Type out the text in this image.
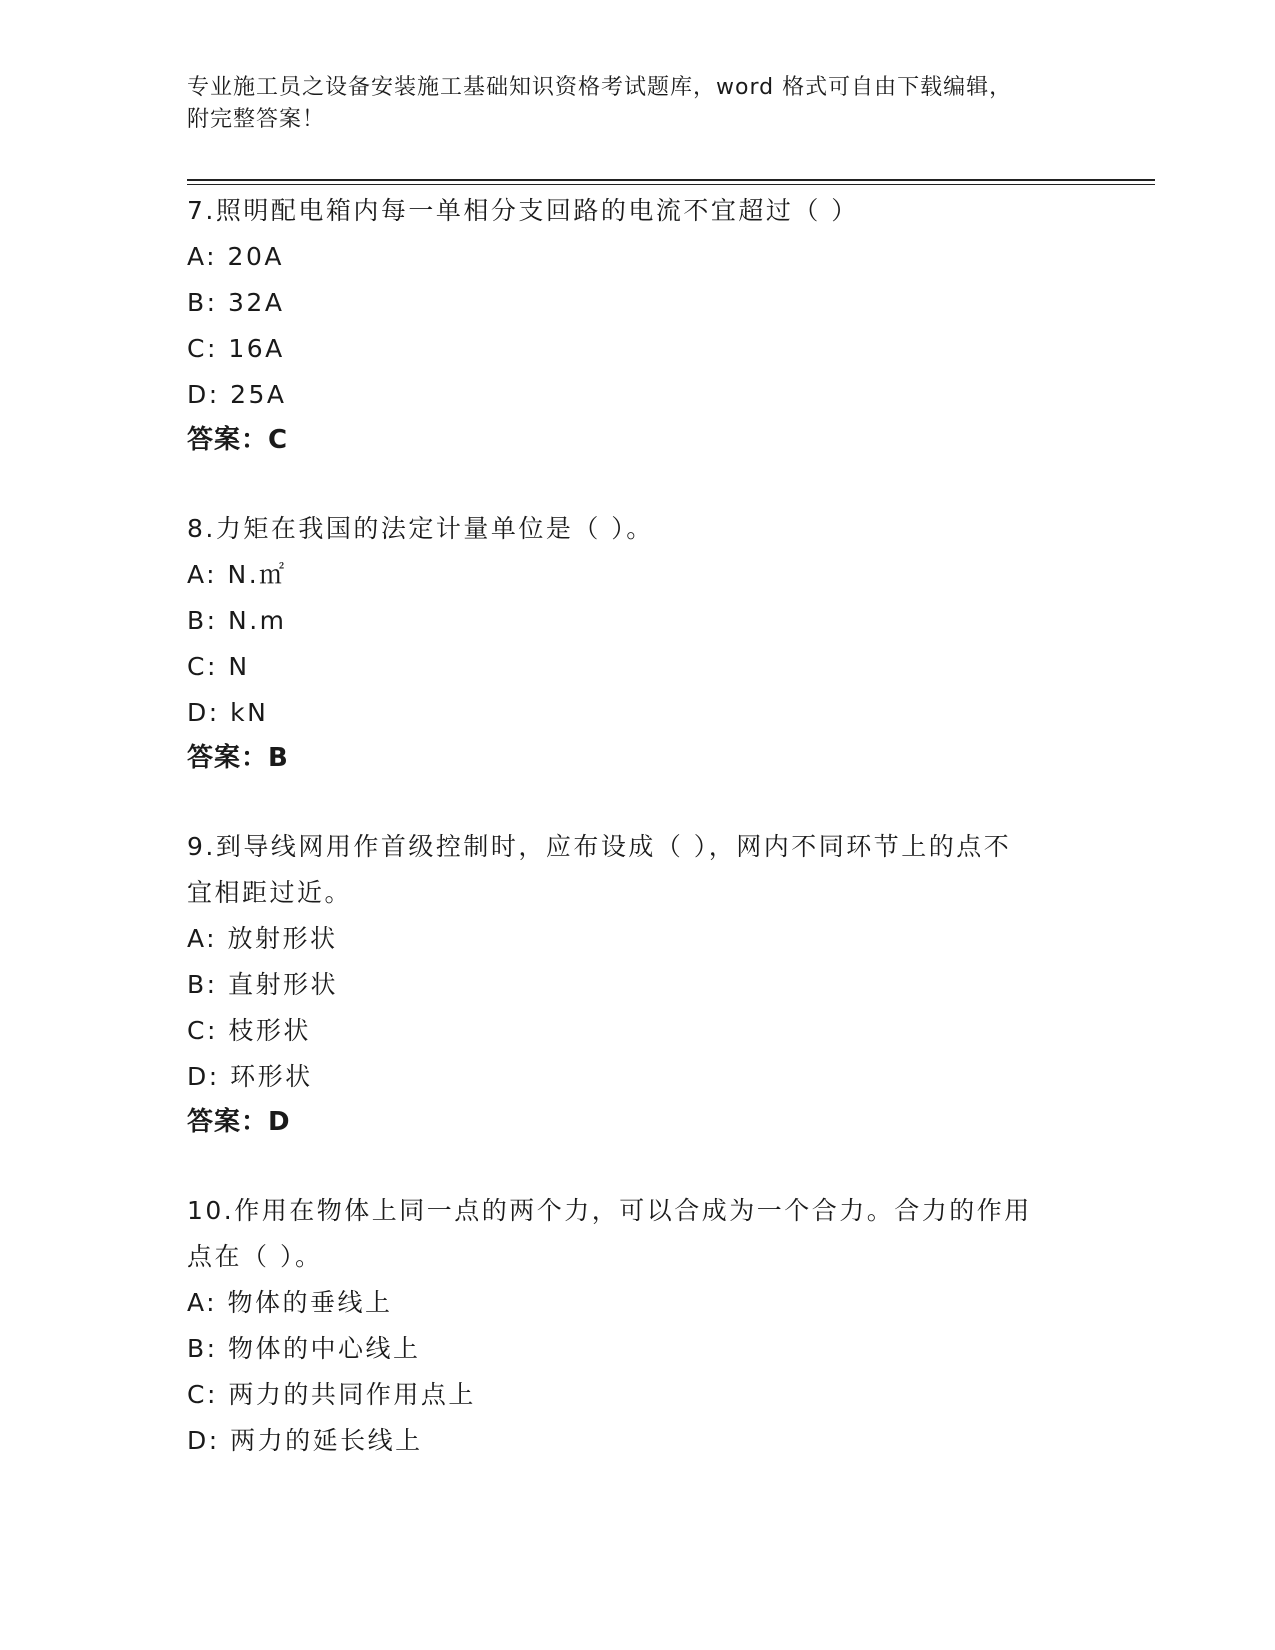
专业施工员之设备安装施工基础知识资格考试题库，word 格式可自由下载编辑，
附完整答案！
7.照明配电箱内每一单相分支回路的电流不宜超过（ ）
A: 20A
B: 32A
C: 16A
D: 25A
答案：C
8.力矩在我国的法定计量单位是（ ）。
A: N.㎡
B: N.m
C: N
D: kN
答案：B
9.到导线网用作首级控制时，应布设成（ ），网内不同环节上的点不
宜相距过近。
A: 放射形状
B: 直射形状
C: 枝形状
D: 环形状
答案：D
10.作用在物体上同一点的两个力，可以合成为一个合力。合力的作用
点在（ ）。
A: 物体的垂线上
B: 物体的中心线上
C: 两力的共同作用点上
D: 两力的延长线上
